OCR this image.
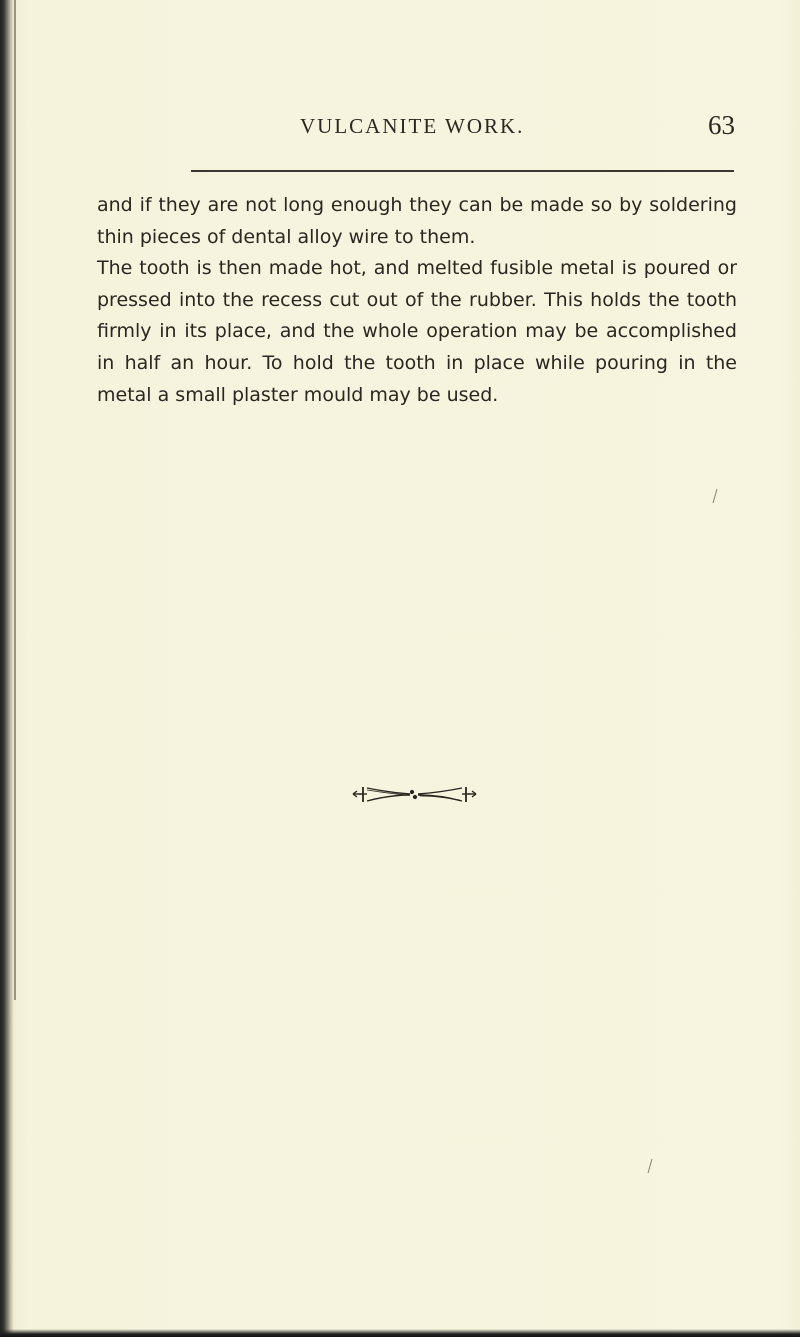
VULCANITE WORK.	63

and if they are not long enough they can be made so by soldering thin pieces of dental alloy wire to them.

The tooth is then made hot, and melted fusible metal is poured or pressed into the recess cut out of the rubber. This holds the tooth firmly in its place, and the whole operation may be accomplished in half an hour. To hold the tooth in place while pouring in the metal a small plaster mould may be used.
